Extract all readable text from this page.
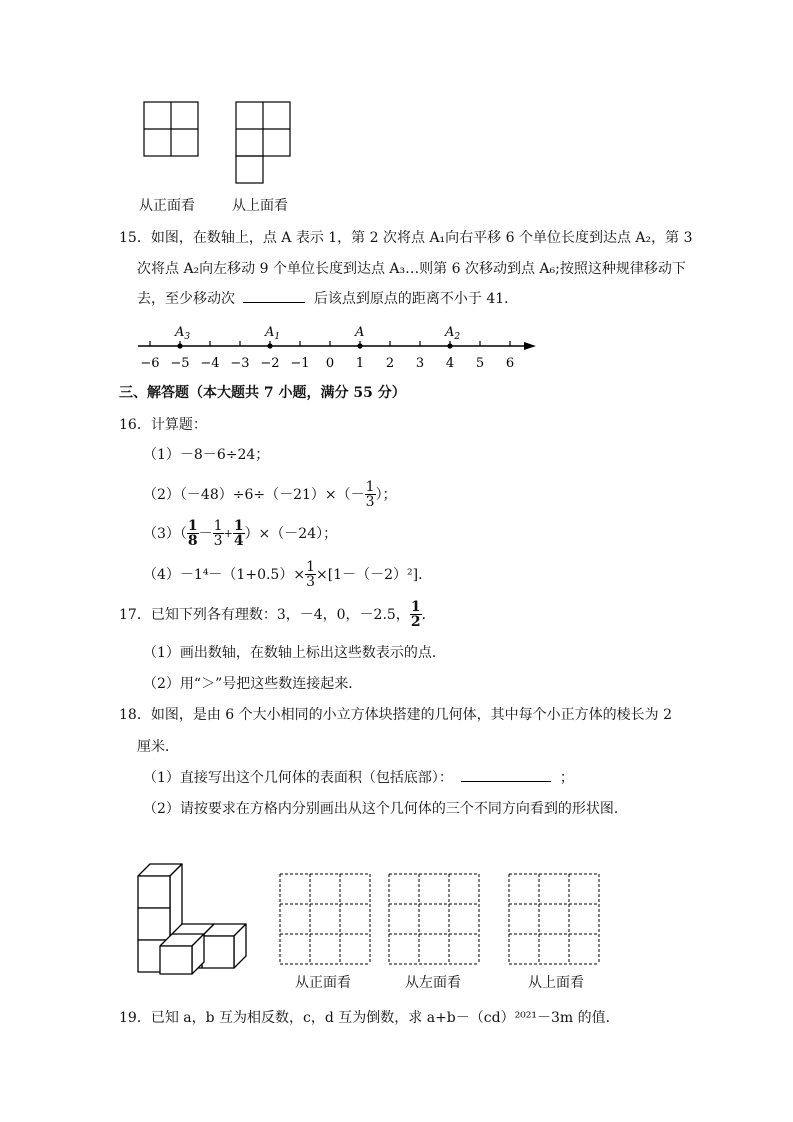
从正面看	从上面看
15．如图，在数轴上，点 A 表示 1，第 2 次将点 A₁向右平移 6 个单位长度到达点 A₂，第 3
次将点 A₂向左移动 9 个单位长度到达点 A₃…则第 6 次移动到点 A₆;按照这种规律移动下
去，至少移动次	后该点到原点的距离不小于 41．
−6 −5 −4 −3 −2 −1 0 1 2 3 4 5 6
$A_3$	$A_1$	A	$A_2$
三、解答题（本大题共 7 小题，满分 55 分）
16．计算题：
（1）－8－6÷24；
$(2)(-48)\div 6\div(-21)\times(- \frac{1}{3}$ ）；
$(3)( \frac{1}{8} - \frac{1}{3} + \frac{1}{4} )\times(-24)$；
$(4)-1^4-(1+0.5)\times \frac{1}{3} \times[1-(-2)^2]$．
17．已知下列各有理数：3，－4，0，－2.5， $\frac{1}{2}$ ．
（1）画出数轴，在数轴上标出这些数表示的点．
（2）用“＞”号把这些数连接起来．
18．如图，是由 6 个大小相同的小立方体块搭建的几何体，其中每个小正方体的棱长为 2
厘米．
（1）直接写出这个几何体的表面积（包括底部）：	；
（2）请按要求在方格内分别画出从这个几何体的三个不同方向看到的形状图．
从正面看	从左面看	从上面看
19．已知 a，b 互为相反数，c，d 互为倒数，求 a+b－（cd）²⁰²¹－3m 的值．
